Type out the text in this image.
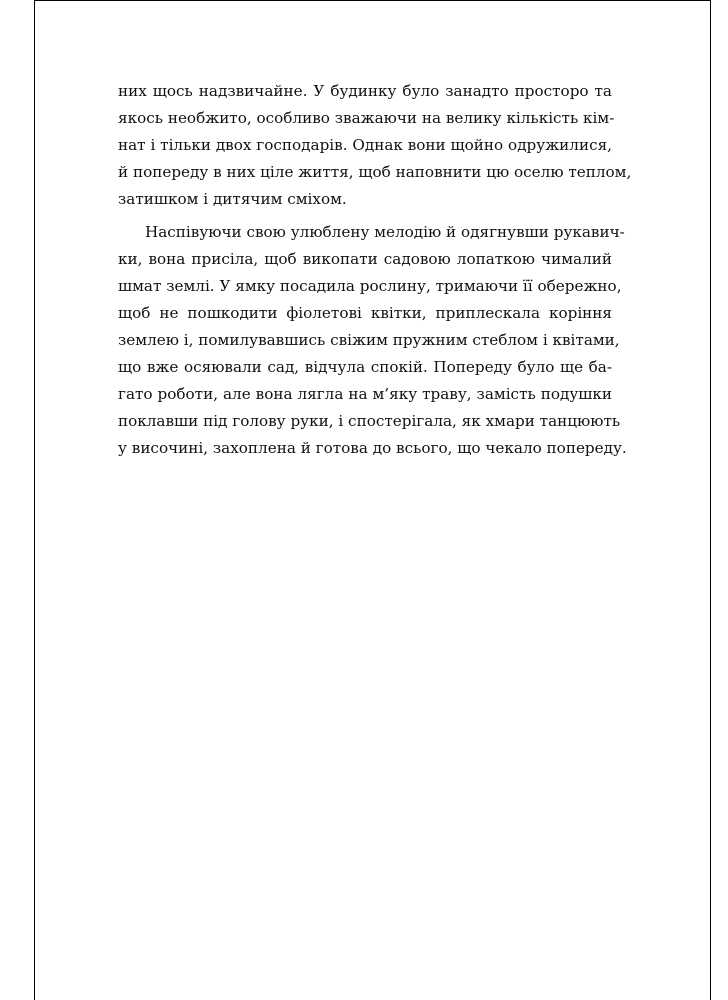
них щось надзвичайне. У будинку було занадто просторо та
якось необжито, особливо зважаючи на велику кількість кім-
нат і тільки двох господарів. Однак вони щойно одружилися,
й попереду в них ціле життя, щоб наповнити цю оселю теплом,
затишком і дитячим сміхом.
Наспівуючи свою улюблену мелодію й одягнувши рукавич-
ки, вона присіла, щоб викопати садовою лопаткою чималий
шмат землі. У ямку посадила рослину, тримаючи її обережно,
щоб не пошкодити фіолетові квітки, приплескала коріння
землею і, помилувавшись свіжим пружним стеблом і квітами,
що вже осяювали сад, відчула спокій. Попереду було ще ба-
гато роботи, але вона лягла на м’яку траву, замість подушки
поклавши під голову руки, і спостерігала, як хмари танцюють
у височині, захоплена й готова до всього, що чекало попереду.
